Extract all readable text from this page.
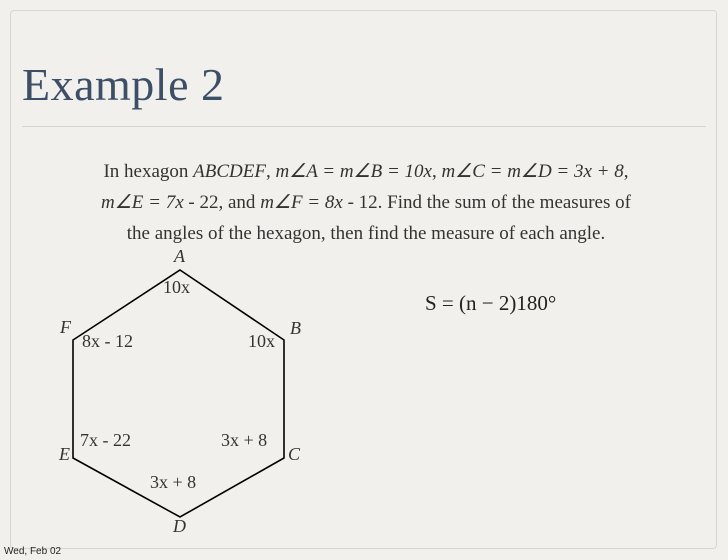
Example 2
In hexagon ABCDEF, m∠A = m∠B = 10x, m∠C = m∠D = 3x + 8,
m∠E = 7x - 22, and m∠F = 8x - 12. Find the sum of the measures of
the angles of the hexagon, then find the measure of each angle.
A
B
C
D
E
F
10x
10x
3x + 8
3x + 8
7x - 22
8x - 12
S = (n − 2)180°
Wed, Feb 02
